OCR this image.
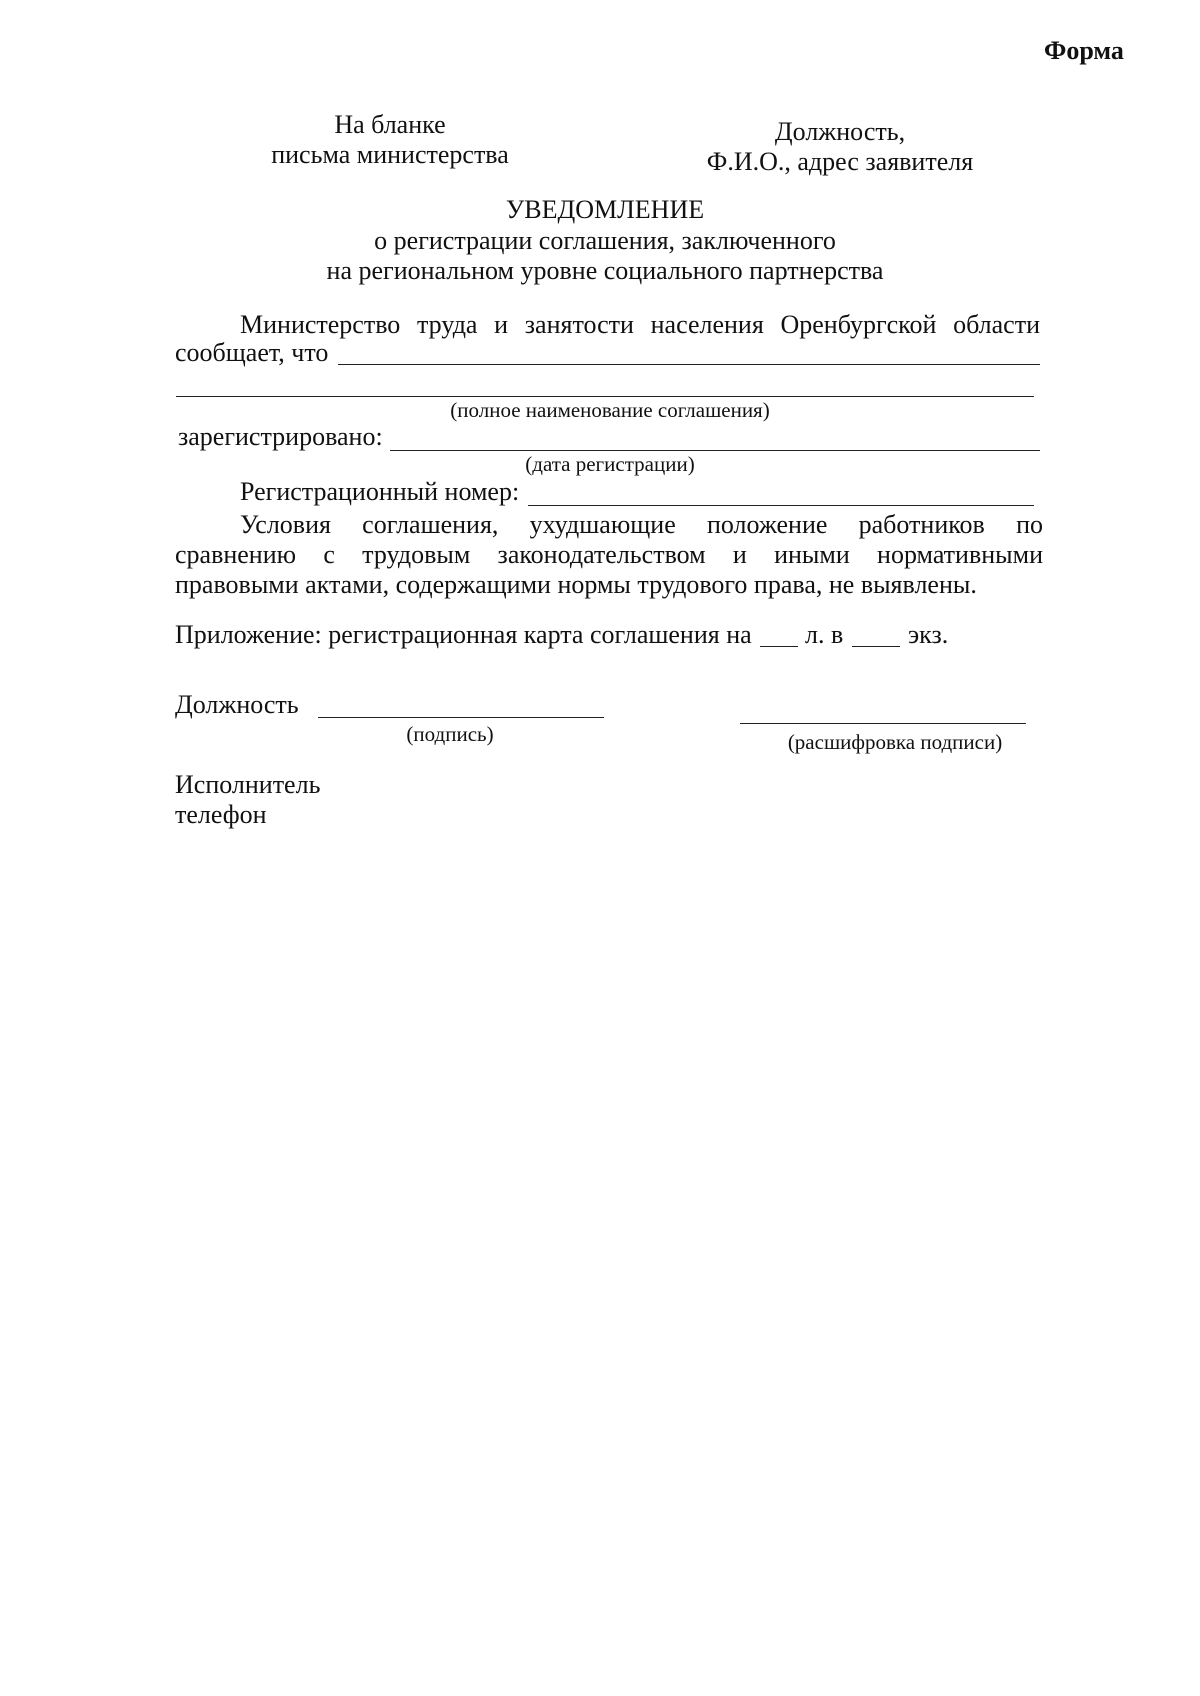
Форма
На бланке
письма министерства
Должность,
Ф.И.О., адрес заявителя
УВЕДОМЛЕНИЕ
о регистрации соглашения, заключенного
на региональном уровне социального партнерства
Министерство труда и занятости населения Оренбургской области
сообщает, что
(полное наименование соглашения)
зарегистрировано:
(дата регистрации)
Регистрационный номер:
Условия соглашения, ухудшающие положение работников по
сравнению с трудовым законодательством и иными нормативными
правовыми актами, содержащими нормы трудового права, не выявлены.
Приложение: регистрационная карта соглашения на л. в экз.
Должность
(подпись)	(расшифровка подписи)
Исполнитель
телефон
